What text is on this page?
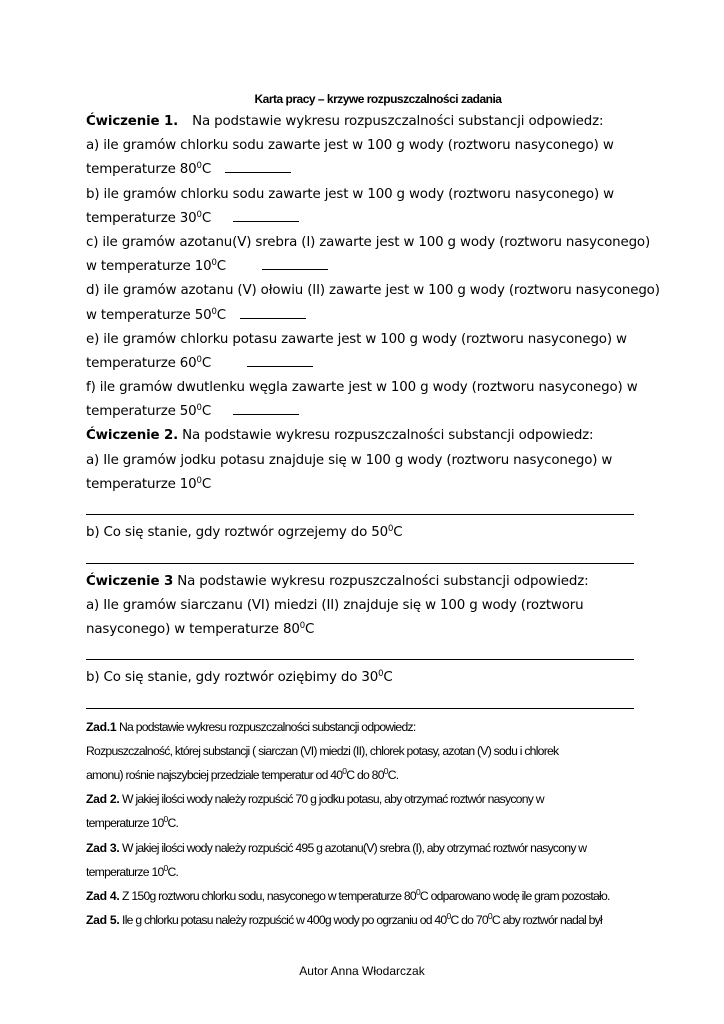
Karta pracy – krzywe rozpuszczalności zadania
Ćwiczenie 1. Na podstawie wykresu rozpuszczalności substancji odpowiedz:
a) ile gramów chlorku sodu zawarte jest w 100 g wody (roztworu nasyconego) w
temperaturze $80^0C$
b) ile gramów chlorku sodu zawarte jest w 100 g wody (roztworu nasyconego) w
temperaturze $30^0C$
c) ile gramów azotanu(V) srebra (I) zawarte jest w 100 g wody (roztworu nasyconego)
w temperaturze $10^0C$
d) ile gramów azotanu (V) ołowiu (II) zawarte jest w 100 g wody (roztworu nasyconego)
w temperaturze $50^0C$
e) ile gramów chlorku potasu zawarte jest w 100 g wody (roztworu nasyconego) w
temperaturze $60^0C$
f) ile gramów dwutlenku węgla zawarte jest w 100 g wody (roztworu nasyconego) w
temperaturze $50^0C$
Ćwiczenie 2. Na podstawie wykresu rozpuszczalności substancji odpowiedz:
a) Ile gramów jodku potasu znajduje się w 100 g wody (roztworu nasyconego) w
temperaturze $10^0C$
b) Co się stanie, gdy roztwór ogrzejemy do $50^0C$
Ćwiczenie 3 Na podstawie wykresu rozpuszczalności substancji odpowiedz:
a) Ile gramów siarczanu (VI) miedzi (II) znajduje się w 100 g wody (roztworu
nasyconego) w temperaturze $80^0C$
b) Co się stanie, gdy roztwór oziębimy do $30^0C$
Zad.1 Na podstawie wykresu rozpuszczalności substancji odpowiedz:
Rozpuszczalność, której substancji ( siarczan (VI) miedzi (II), chlorek potasy, azotan (V) sodu i chlorek
amonu) rośnie najszybciej przedziale temperatur od $40^0C$ do $80^0C$.
Zad 2. W jakiej ilości wody należy rozpuścić 70 g jodku potasu, aby otrzymać roztwór nasycony w
temperaturze $10^0C$.
Zad 3. W jakiej ilości wody należy rozpuścić 495 g azotanu(V) srebra (I), aby otrzymać roztwór nasycony w
temperaturze $10^0C$.
Zad 4. Z 150g roztworu chlorku sodu, nasyconego w temperaturze $80^0C$ odparowano wodę ile gram pozostało.
Zad 5. Ile g chlorku potasu należy rozpuścić w 400g wody po ogrzaniu od $40^0C$ do $70^0C$ aby roztwór nadal był
Autor Anna Włodarczak
